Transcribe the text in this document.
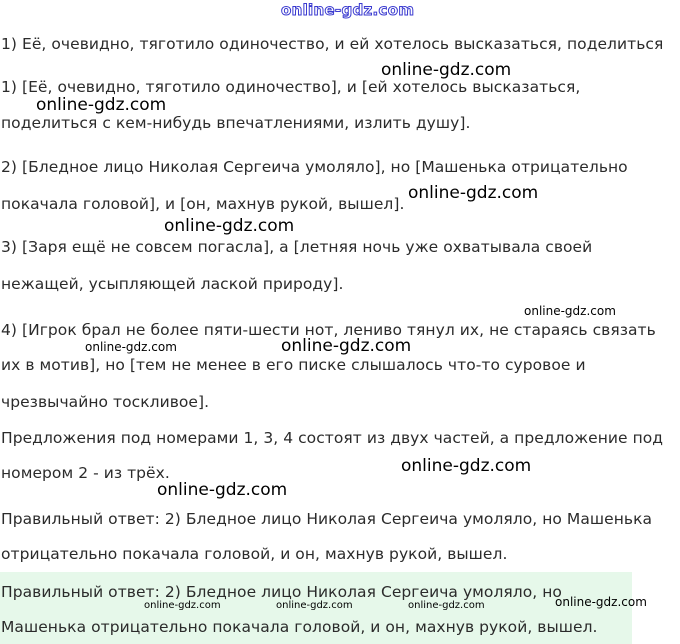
online-gdz.com
1) Её, очевидно, тяготило одиночество, и ей хотелось высказаться, поделиться
1) [Её, очевидно, тяготило одиночество], и [ей хотелось высказаться,
поделиться с кем-нибудь впечатлениями, излить душу].
2) [Бледное лицо Николая Сергеича умоляло], но [Машенька отрицательно
покачала головой], и [он, махнув рукой, вышел].
3) [Заря ещё не совсем погасла], а [летняя ночь уже охватывала своей
нежащей, усыпляющей лаской природу].
4) [Игрок брал не более пяти-шести нот, лениво тянул их, не стараясь связать
их в мотив], но [тем не менее в его писке слышалось что-то суровое и
чрезвычайно тоскливое].
Предложения под номерами 1, 3, 4 состоят из двух частей, а предложение под
номером 2 - из трёх.
Правильный ответ: 2) Бледное лицо Николая Сергеича умоляло, но Машенька
отрицательно покачала головой, и он, махнув рукой, вышел.
Правильный ответ: 2) Бледное лицо Николая Сергеича умоляло, но
Машенька отрицательно покачала головой, и он, махнув рукой, вышел.
online-gdz.com
online-gdz.com
online-gdz.com
online-gdz.com
online-gdz.com
online-gdz.com	online-gdz.com
online-gdz.com
online-gdz.com
online-gdz.com
online-gdz.com	online-gdz.com	online-gdz.com
